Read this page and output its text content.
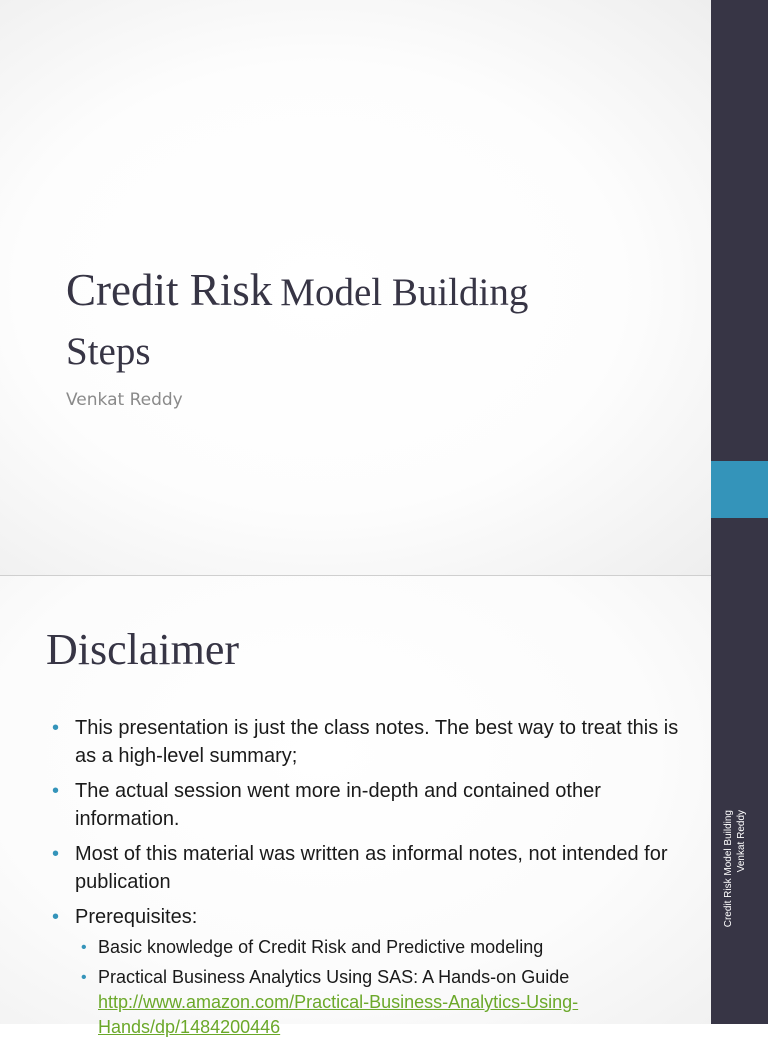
Credit Risk Model Building
Steps

Venkat Reddy

Disclaimer
• This presentation is just the class notes. The best way to treat this is as a high-level summary;
• The actual session went more in-depth and contained other information.
• Most of this material was written as informal notes, not intended for publication
• Prerequisites:
• Basic knowledge of Credit Risk and Predictive modeling
• Practical Business Analytics Using SAS: A Hands-on Guide
http://www.amazon.com/Practical-Business-Analytics-Using-Hands/dp/1484200446
Credit Risk Model Building Venkat Reddy
